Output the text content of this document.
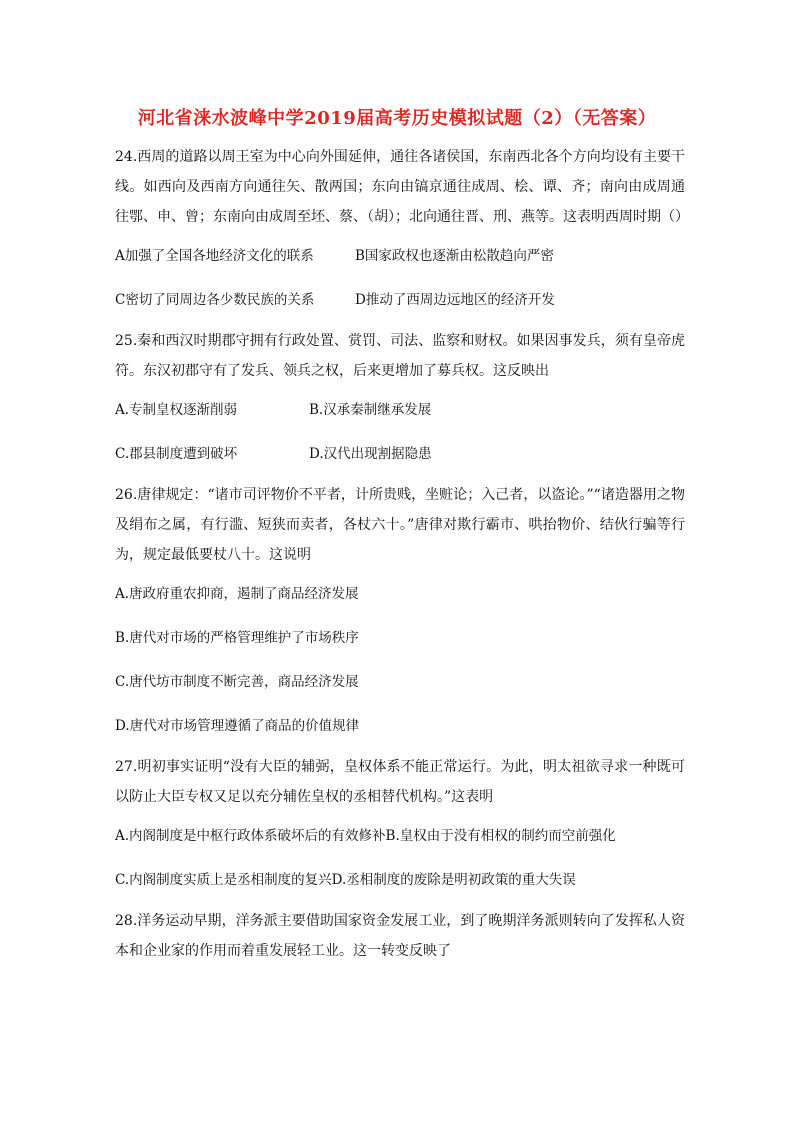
河北省涞水波峰中学2019届高考历史模拟试题（2）（无答案）

24.西周的道路以周王室为中心向外围延伸，通往各诸侯国，东南西北各个方向均设有主要干线。如西向及西南方向通往矢、散两国；东向由镐京通往成周、桧、谭、齐；南向由成周通往鄂、申、曾；东南向由成周至坯、蔡、（胡）；北向通往晋、刑、燕等。这表明西周时期（）

A加强了全国各地经济文化的联系	B国家政权也逐渐由松散趋向严密

C密切了同周边各少数民族的关系	D推动了西周边远地区的经济开发

25.秦和西汉时期郡守拥有行政处置、赏罚、司法、监察和财权。如果因事发兵，须有皇帝虎符。东汉初郡守有了发兵、领兵之权，后来更增加了募兵权。这反映出

A.专制皇权逐渐削弱	B.汉承秦制继承发展

C.郡县制度遭到破坏	D.汉代出现割据隐患

26.唐律规定：“诸市司评物价不平者，计所贵贱，坐赃论；入己者，以盗论。”“诸造器用之物及绢布之属，有行滥、短狭而卖者，各杖六十。”唐律对欺行霸市、哄抬物价、结伙行骗等行为，规定最低要杖八十。这说明

A.唐政府重农抑商，遏制了商品经济发展

B.唐代对市场的严格管理维护了市场秩序

C.唐代坊市制度不断完善，商品经济发展

D.唐代对市场管理遵循了商品的价值规律

27.明初事实证明“没有大臣的辅弼，皇权体系不能正常运行。为此，明太祖欲寻求一种既可以防止大臣专权又足以充分辅佐皇权的丞相替代机构。”这表明

A.内阁制度是中枢行政体系破坏后的有效修补B.皇权由于没有相权的制约而空前强化

C.内阁制度实质上是丞相制度的复兴D.丞相制度的废除是明初政策的重大失误

28.洋务运动早期，洋务派主要借助国家资金发展工业，到了晚期洋务派则转向了发挥私人资本和企业家的作用而着重发展轻工业。这一转变反映了
